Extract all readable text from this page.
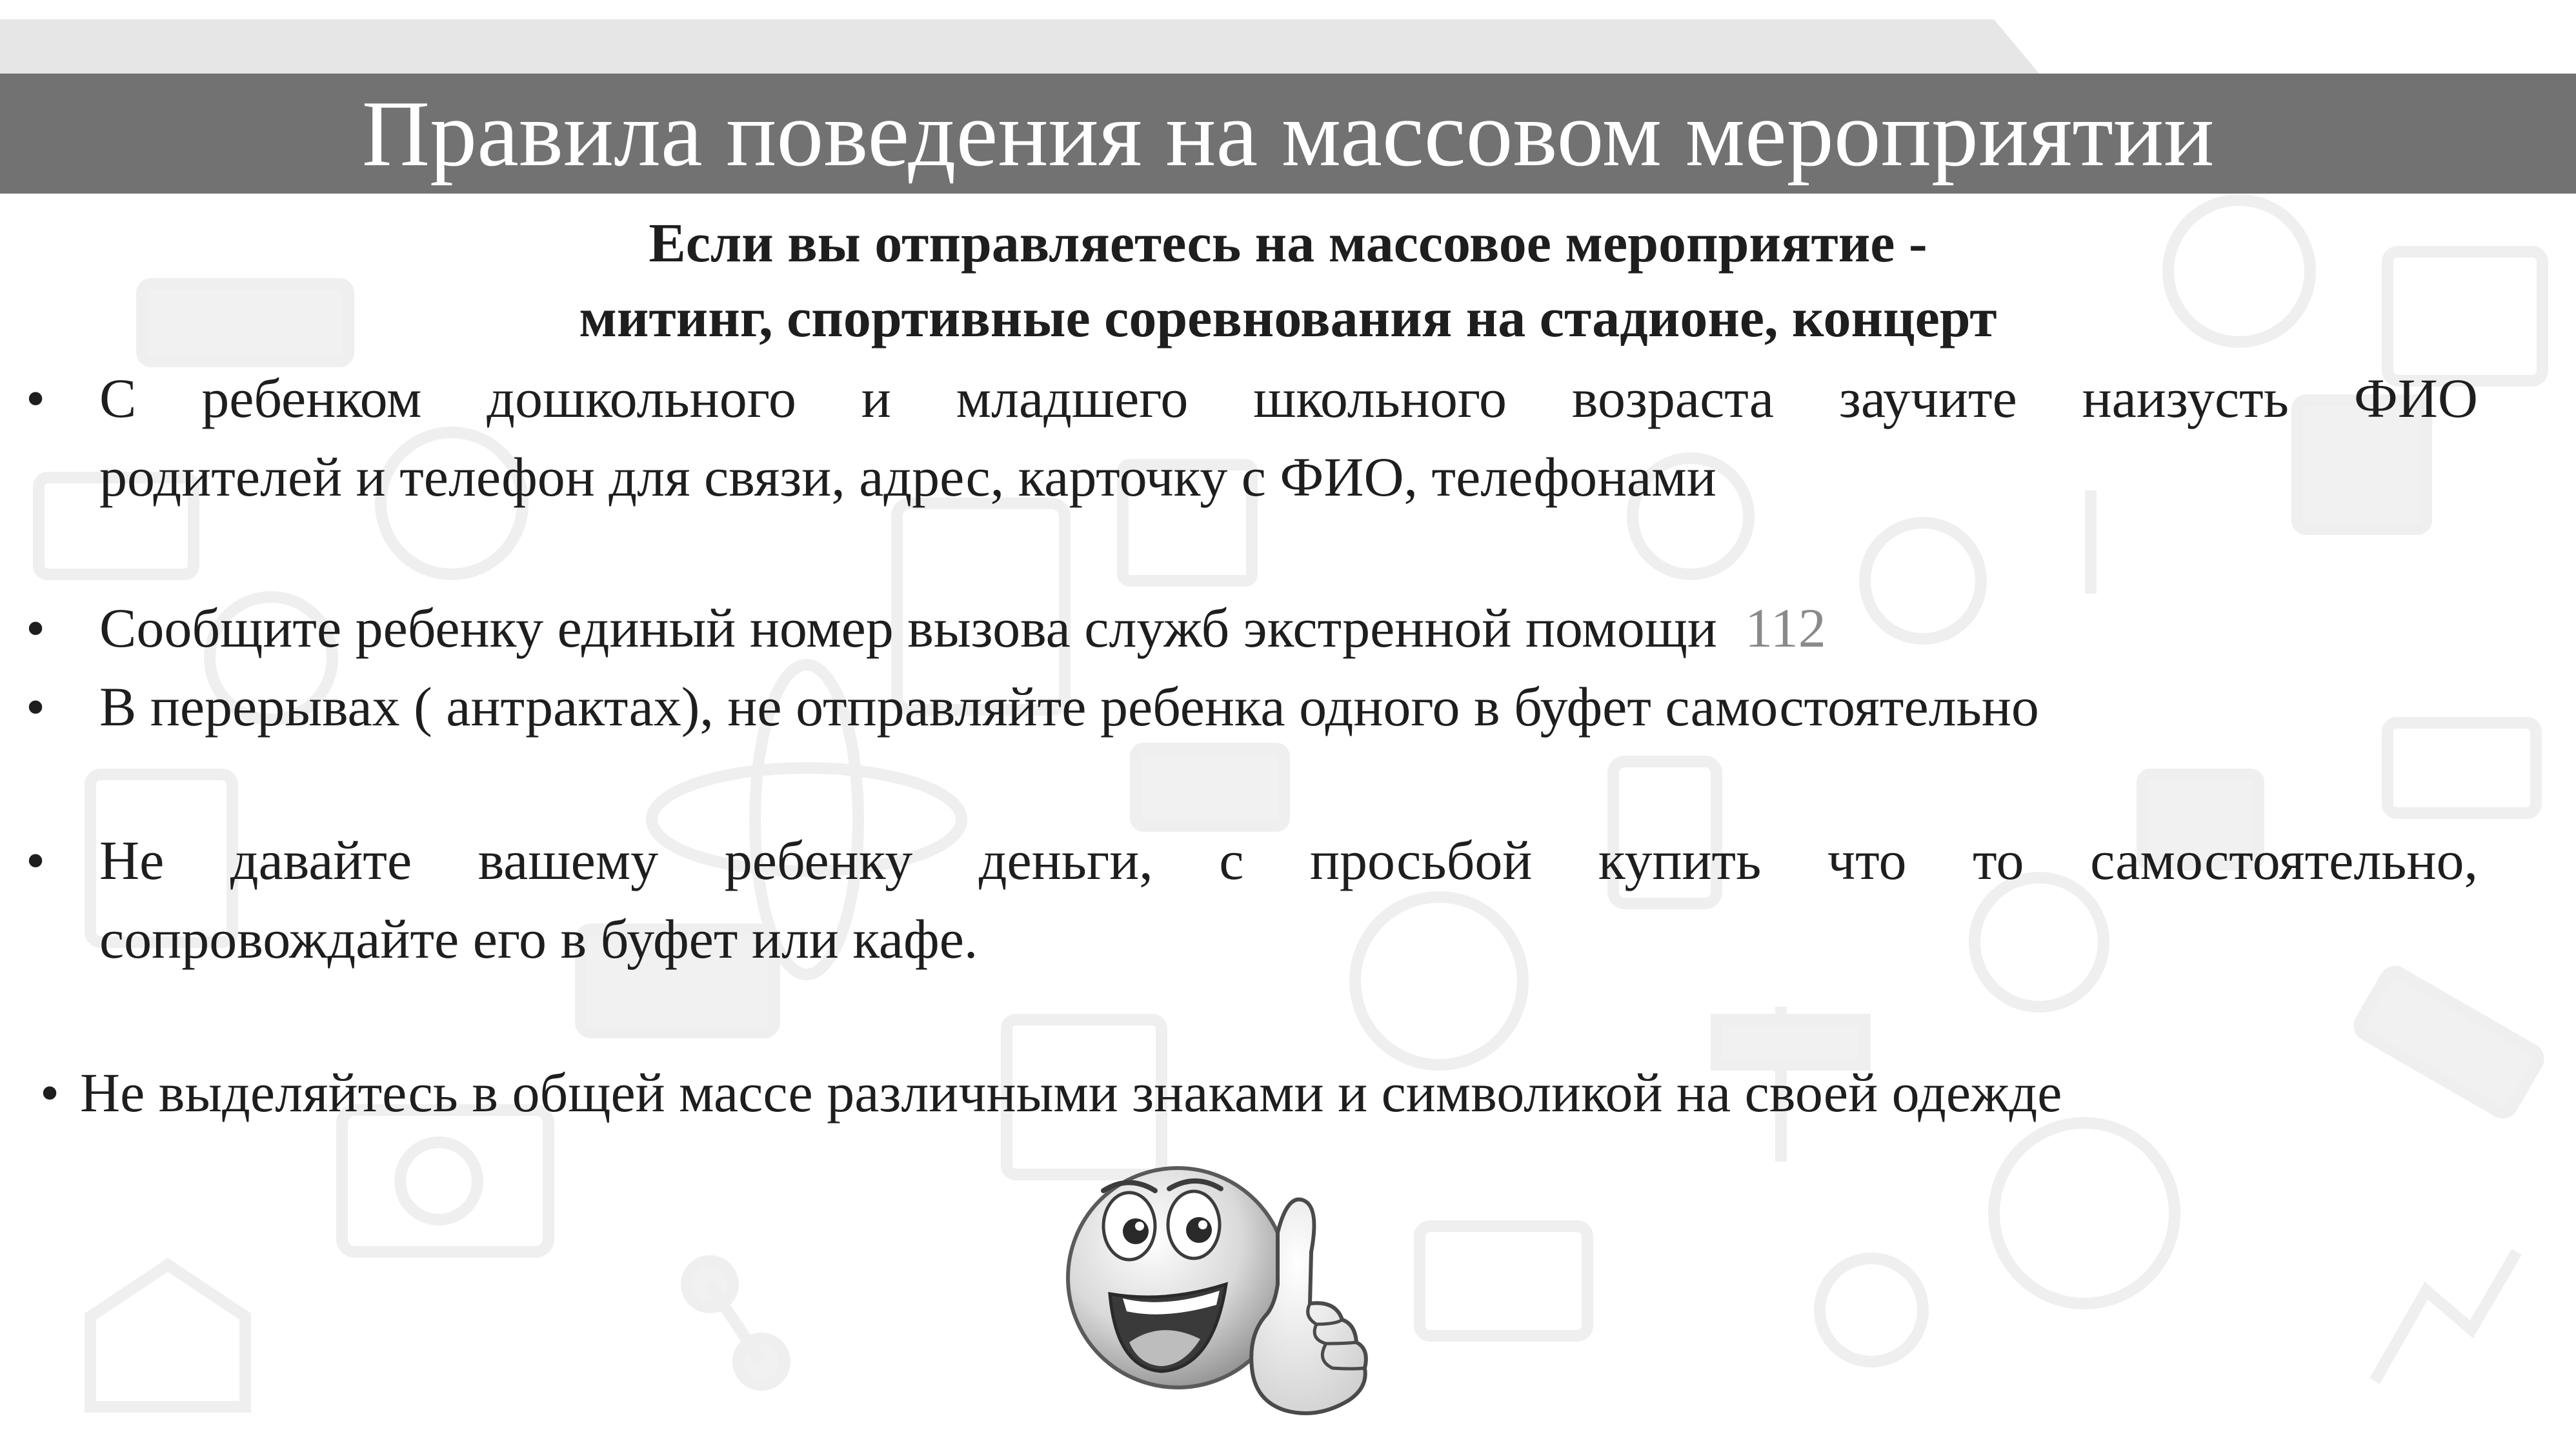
Правила поведения на массовом мероприятии
Если вы отправляетесь на массовое мероприятие -
митинг, спортивные соревнования на стадионе, концерт
• С ребенком дошкольного и младшего школьного возраста заучите наизусть ФИО
родителей и телефон для связи, адрес, карточку с ФИО, телефонами
• Сообщите ребенку единый номер вызова служб экстренной помощи 112
• В перерывах ( антрактах), не отправляйте ребенка одного в буфет самостоятельно
• Не давайте вашему ребенку деньги, с просьбой купить что то самостоятельно,
сопровождайте его в буфет или кафе.
• Не выделяйтесь в общей массе различными знаками и символикой на своей одежде
